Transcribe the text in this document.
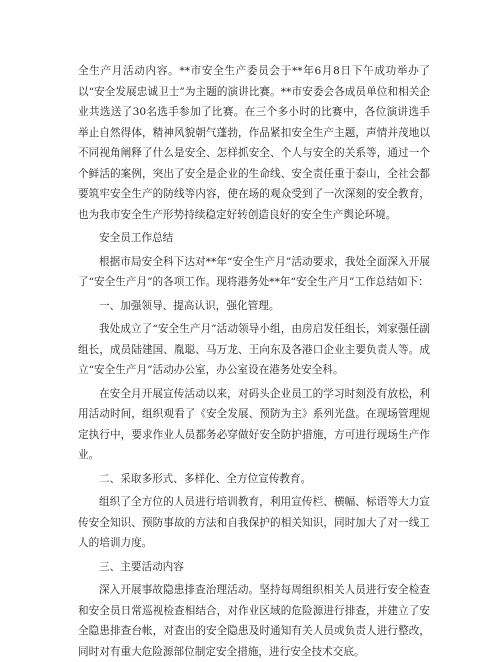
全生产月活动内容。**市安全生产委员会于**年6月8日下午成功举办了以“安全发展忠诚卫士”为主题的演讲比赛。**市安委会各成员单位和相关企业共选送了30名选手参加了比赛。在三个多小时的比赛中，各位演讲选手举止自然得体，精神风貌朝气蓬勃，作品紧扣安全生产主题，声情并茂地以不同视角阐释了什么是安全、怎样抓安全、个人与安全的关系等，通过一个个鲜活的案例，突出了安全是企业的生命线、安全责任重于泰山，全社会都要筑牢安全生产的防线等内容，使在场的观众受到了一次深刻的安全教育，也为我市安全生产形势持续稳定好转创造良好的安全生产舆论环境。

安全员工作总结

根据市局安全科下达对**年“安全生产月”活动要求，我处全面深入开展了“安全生产月”的各项工作。现将港务处**年“安全生产月”工作总结如下：

一、加强领导、提高认识，强化管理。

我处成立了“安全生产月”活动领导小组，由房启发任组长，刘家强任副组长，成员陆建国、胤聪、马万龙、王向东及各港口企业主要负责人等。成立“安全生产月”活动办公室，办公室设在港务处安全科。

在安全月开展宣传活动以来，对码头企业员工的学习时刻没有放松，利用活动时间，组织观看了《安全发展、预防为主》系列光盘。在现场管理规定执行中，要求作业人员都务必穿做好安全防护措施，方可进行现场生产作业。

二、采取多形式、多样化、全方位宣传教育。

组织了全方位的人员进行培训教育，利用宣传栏、横幅、标语等大力宣传安全知识、预防事故的方法和自我保护的相关知识，同时加大了对一线工人的培训力度。

三、主要活动内容

深入开展事故隐患排查治理活动。坚持每周组织相关人员进行安全检查和安全员日常巡视检查相结合，对作业区域的危险源进行排查，并建立了安全隐患排查台帐，对查出的安全隐患及时通知有关人员或负责人进行整改，同时对有重大危险源部位制定安全措施，进行安全技术交底。
